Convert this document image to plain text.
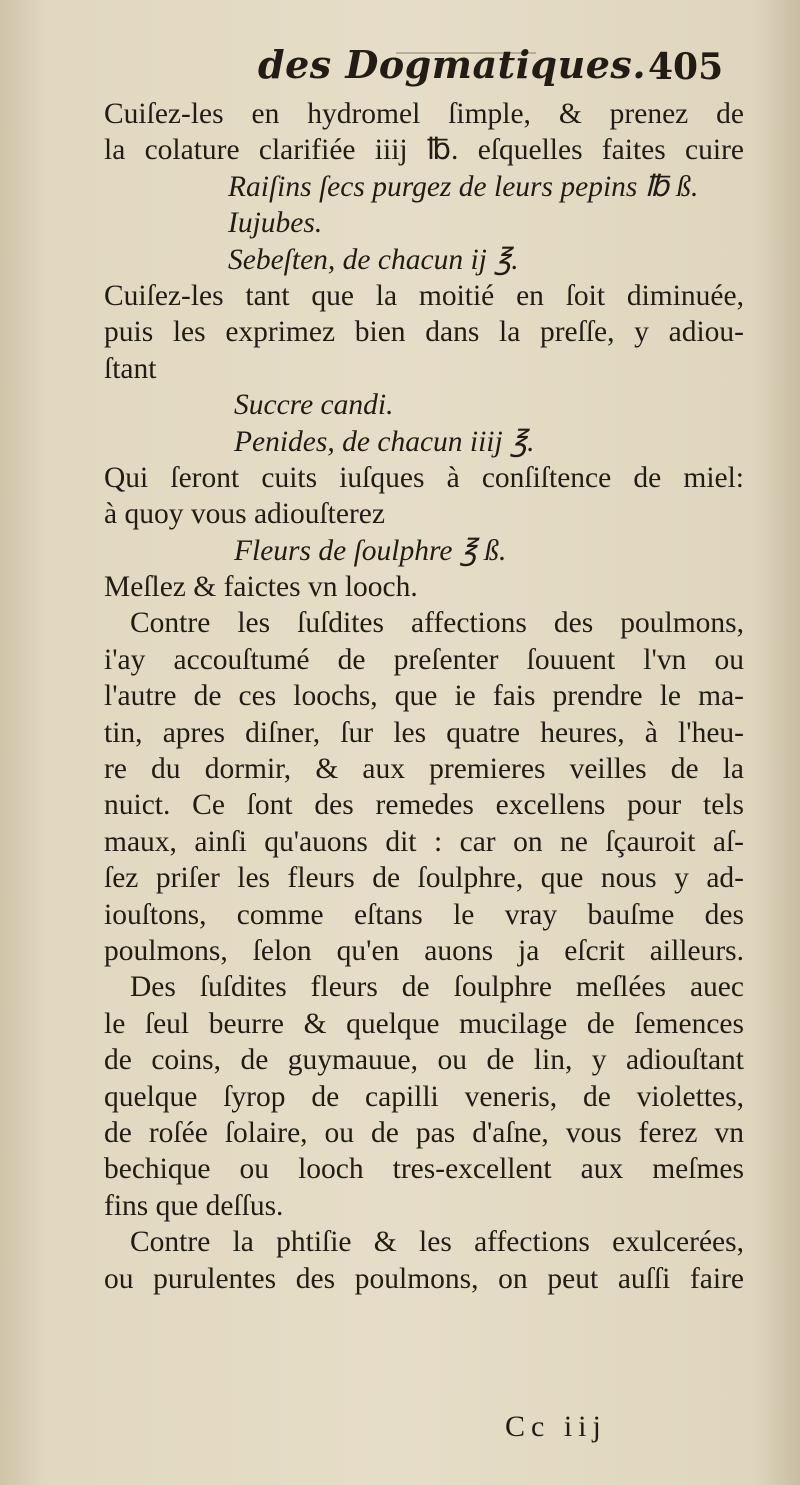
des Dogmatiques. 405
Cuiſez-les en hydromel ſimple, & prenez de
la colature clarifiée iiij ℔. eſquelles faites cuire
Raiſins ſecs purgez de leurs pepins ℔ ß.
Iujubes.
Sebeſten, de chacun ij ℥.
Cuiſez-les tant que la moitié en ſoit diminuée,
puis les exprimez bien dans la preſſe, y adiou-
ſtant
Succre candi.
Penides, de chacun iiij ℥.
Qui ſeront cuits iuſques à conſiſtence de miel:
à quoy vous adiouſterez
Fleurs de ſoulphre ℥ ß.
Meſlez & faictes vn looch.
Contre les ſuſdites affections des poulmons,
i'ay accouſtumé de preſenter ſouuent l'vn ou
l'autre de ces loochs, que ie fais prendre le ma-
tin, apres diſner, ſur les quatre heures, à l'heu-
re du dormir, & aux premieres veilles de la
nuict. Ce ſont des remedes excellens pour tels
maux, ainſi qu'auons dit : car on ne ſçauroit aſ-
ſez priſer les fleurs de ſoulphre, que nous y ad-
iouſtons, comme eſtans le vray bauſme des
poulmons, ſelon qu'en auons ja eſcrit ailleurs.
Des ſuſdites fleurs de ſoulphre meſlées auec
le ſeul beurre & quelque mucilage de ſemences
de coins, de guymauue, ou de lin, y adiouſtant
quelque ſyrop de capilli veneris, de violettes,
de roſée ſolaire, ou de pas d'aſne, vous ferez vn
bechique ou looch tres-excellent aux meſmes
fins que deſſus.
Contre la phtiſie & les affections exulcerées,
ou purulentes des poulmons, on peut auſſi faire
Cc iij
